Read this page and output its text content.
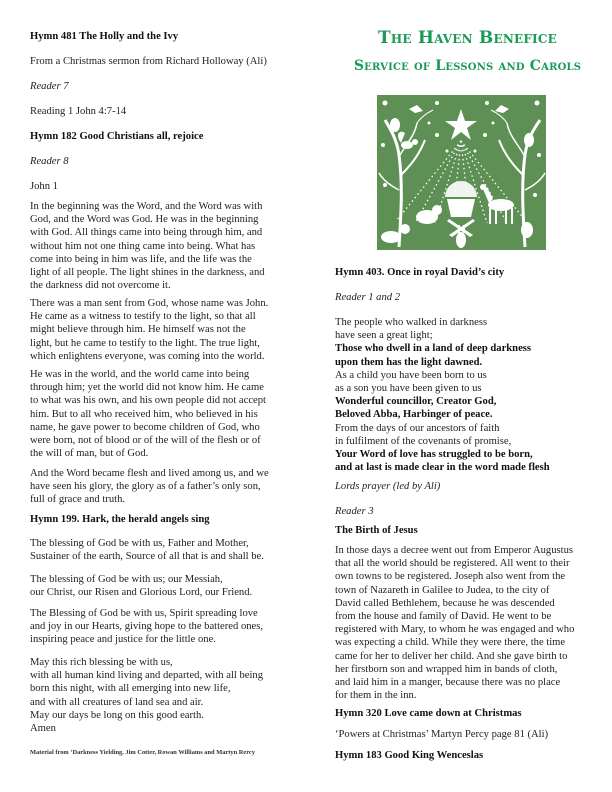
Hymn 481 The Holly and the Ivy

From a Christmas sermon from Richard Holloway (Ali)

Reader 7

Reading 1 John 4:7-14

Hymn 182 Good Christians all, rejoice

Reader 8

John 1

In the beginning was the Word, and the Word was with
God, and the Word was God. He was in the beginning
with God. All things came into being through him, and
without him not one thing came into being. What has
come into being in him was life, and the life was the
light of all people. The light shines in the darkness, and
the darkness did not overcome it.
There was a man sent from God, whose name was John.
He came as a witness to testify to the light, so that all
might believe through him. He himself was not the
light, but he came to testify to the light. The true light,
which enlightens everyone, was coming into the world.
He was in the world, and the world came into being
through him; yet the world did not know him. He came
to what was his own, and his own people did not accept
him. But to all who received him, who believed in his
name, he gave power to become children of God, who
were born, not of blood or of the will of the flesh or of
the will of man, but of God.
And the Word became flesh and lived among us, and we
have seen his glory, the glory as of a father’s only son,
full of grace and truth.

Hymn 199. Hark, the herald angels sing

The blessing of God be with us, Father and Mother,
Sustainer of the earth, Source of all that is and shall be.
The blessing of God be with us; our Messiah,
our Christ, our Risen and Glorious Lord, our Friend.
The Blessing of God be with us, Spirit spreading love
and joy in our Hearts, giving hope to the battered ones,
inspiring peace and justice for the little one.
May this rich blessing be with us,
with all human kind living and departed, with all being
born this night, with all emerging into new life,
and with all creatures of land sea and air.
May our days be long on this good earth.
Amen

Material from ‘Darkness Yielding, Jim Cotter, Rowan Williams and Martyn Rercy

The Haven Benefice
Service of Lessons and Carols

Hymn 403. Once in royal David’s city

Reader 1 and 2

The people who walked in darkness
have seen a great light;
Those who dwell in a land of deep darkness
upon them has the light dawned.
As a child you have been born to us
as a son you have been given to us
Wonderful councillor, Creator God,
Beloved Abba, Harbinger of peace.
From the days of our ancestors of faith
in fulfilment of the covenants of promise,
Your Word of love has struggled to be born,
and at last is made clear in the word made flesh

Lords prayer (led by Ali)

Reader 3

The Birth of Jesus

In those days a decree went out from Emperor Augustus
that all the world should be registered. All went to their
own towns to be registered. Joseph also went from the
town of Nazareth in Galilee to Judea, to the city of
David called Bethlehem, because he was descended
from the house and family of David. He went to be
registered with Mary, to whom he was engaged and who
was expecting a child. While they were there, the time
came for her to deliver her child. And she gave birth to
her firstborn son and wrapped him in bands of cloth,
and laid him in a manger, because there was no place
for them in the inn.

Hymn 320 Love came down at Christmas

‘Powers at Christmas’ Martyn Percy page 81 (Ali)

Hymn 183 Good King Wenceslas
